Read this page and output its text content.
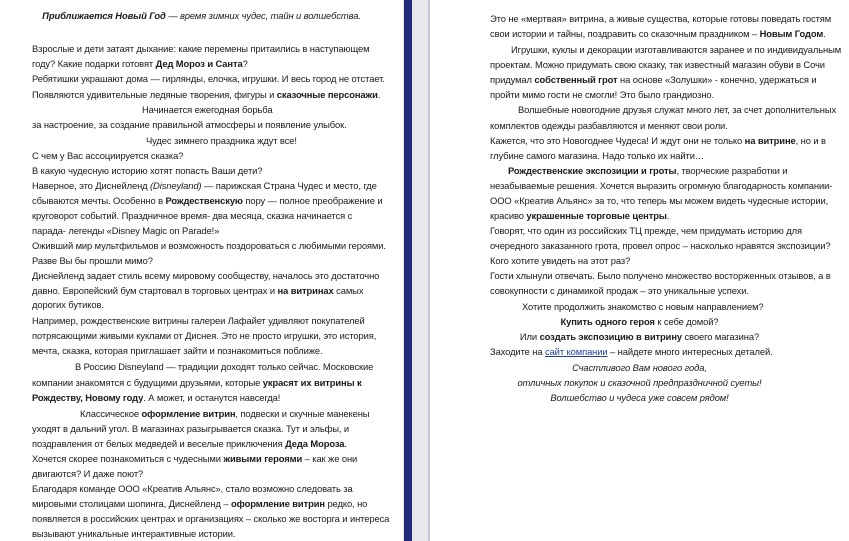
Приближается Новый Год — время зимних чудес, тайн и волшебства.
Взрослые и дети затаят дыхание: какие перемены притаились в наступающем
году? Какие подарки готовят Дед Мороз и Санта?
Ребятишки украшают дома — гирлянды, елочка, игрушки. И весь город не отстает.
Появляются удивительные ледяные творения, фигуры и сказочные персонажи.
Начинается ежегодная борьба
за настроение, за создание правильной атмосферы и появление улыбок.
Чудес зимнего праздника ждут все!
С чем у Вас ассоциируется сказка?
В какую чудесную историю хотят попасть Ваши дети?
Наверное, это Диснейленд (Disneyland) — парижская Страна Чудес и место, где
сбываются мечты. Особенно в Рождественскую пору — полное преображение и
круговорот событий. Праздничное время- два месяца, сказка начинается с
парада- легенды «Disney Magic on Parade!»
Оживший мир мультфильмов и возможность поздороваться с любимыми героями.
Разве Вы бы прошли мимо?
Диснейленд задает стиль всему мировому сообществу, началось это достаточно
давно. Европейский бум стартовал в торговых центрах и на витринах самых
дорогих бутиков.
Например, рождественские витрины галереи Лафайет удивляют покупателей
потрясающими живыми куклами от Диснея. Это не просто игрушки, это история,
мечта, сказка, которая приглашает зайти и познакомиться поближе.
В Россию Disneyland — традиции доходят только сейчас. Московские
компании знакомятся с будущими друзьями, которые украсят их витрины к
Рождеству, Новому году. А может, и останутся навсегда!
Классическое оформление витрин, подвески и скучные манекены
уходят в дальний угол. В магазинах разыгрывается сказка. Тут и эльфы, и
поздравления от белых медведей и веселые приключения Деда Мороза.
Хочется скорее познакомиться с чудесными живыми героями – как же они
двигаются? И даже поют?
Благодаря команде ООО «Креатив Альянс», стало возможно следовать за
мировыми столицами шопинга, Диснейленд – оформление витрин редко, но
появляется в российских центрах и организациях – сколько же восторга и интереса
вызывают уникальные интерактивные истории.
Это не «мертвая» витрина, а живые существа, которые готовы поведать гостям
свои истории и тайны, поздравить со сказочным праздником – Новым Годом.
Игрушки, куклы и декорации изготавливаются заранее и по индивидуальным
проектам. Можно придумать свою сказку, так известный магазин обуви в Сочи
придумал собственный грот на основе «Золушки» - конечно, удержаться и
пройти мимо гости не смогли! Это было грандиозно.
Волшебные новогодние друзья служат много лет, за счет дополнительных
комплектов одежды разбавляются и меняют свои роли.
Кажется, что это Новогоднее Чудеса! И ждут они не только на витрине, но и в
глубине самого магазина. Надо только их найти…
Рождественские экспозиции и гроты, творческие разработки и
незабываемые решения. Хочется выразить огромную благодарность компании-
ООО «Креатив Альянс» за то, что теперь мы можем видеть чудесные истории,
красиво украшенные торговые центры.
Говорят, что один из российских ТЦ прежде, чем придумать историю для
очередного заказанного грота, провел опрос – насколько нравятся экспозиции?
Кого хотите увидеть на этот раз?
Гости хлынули отвечать. Было получено множество восторженных отзывов, а в
совокупности с динамикой продаж – это уникальные успехи.
Хотите продолжить знакомство с новым направлением?
Купить одного героя к себе домой?
Или создать экспозицию в витрину своего магазина?
Заходите на сайт компании – найдете много интересных деталей.
Счастливого Вам нового года,
отличных покупок и сказочной предпраздничной суеты!
Волшебство и чудеса уже совсем рядом!
